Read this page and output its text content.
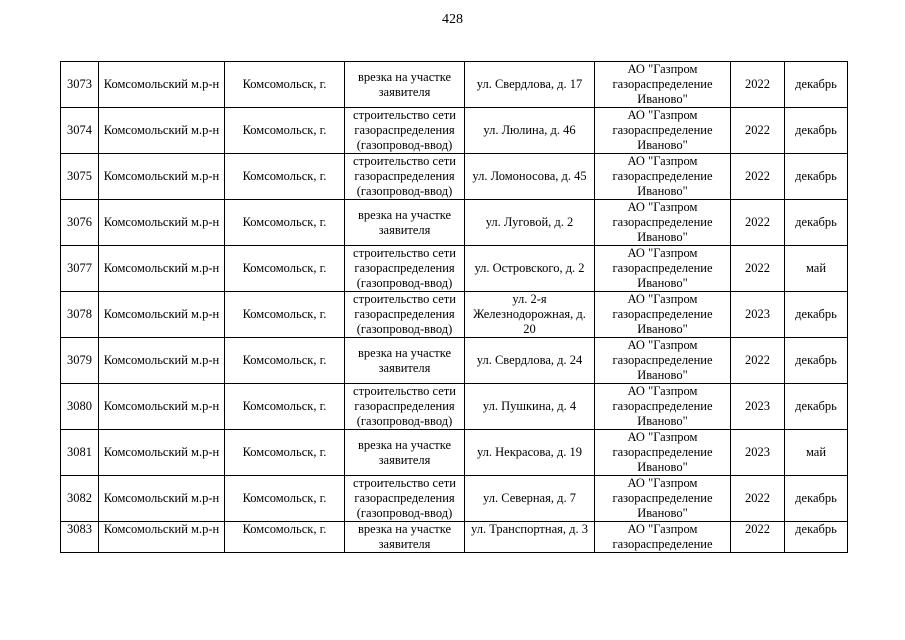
428
3073	Комсомольский м.р-н	Комсомольск, г.	врезка на участке заявителя	ул. Свердлова, д. 17	АО "Газпром газораспределение Иваново"	2022	декабрь

3074	Комсомольский м.р-н	Комсомольск, г.	строительство сети газораспределения (газопровод-ввод)	ул. Люлина, д. 46	АО "Газпром газораспределение Иваново"	2022	декабрь

3075	Комсомольский м.р-н	Комсомольск, г.	строительство сети газораспределения (газопровод-ввод)	ул. Ломоносова, д. 45	АО "Газпром газораспределение Иваново"	2022	декабрь

3076	Комсомольский м.р-н	Комсомольск, г.	врезка на участке заявителя	ул. Луговой, д. 2	АО "Газпром газораспределение Иваново"	2022	декабрь

3077	Комсомольский м.р-н	Комсомольск, г.	строительство сети газораспределения (газопровод-ввод)	ул. Островского, д. 2	АО "Газпром газораспределение Иваново"	2022	май

3078	Комсомольский м.р-н	Комсомольск, г.	строительство сети газораспределения (газопровод-ввод)	ул. 2-я Железнодорожная, д. 20	АО "Газпром газораспределение Иваново"	2023	декабрь

3079	Комсомольский м.р-н	Комсомольск, г.	врезка на участке заявителя	ул. Свердлова, д. 24	АО "Газпром газораспределение Иваново"	2022	декабрь

3080	Комсомольский м.р-н	Комсомольск, г.	строительство сети газораспределения (газопровод-ввод)	ул. Пушкина, д. 4	АО "Газпром газораспределение Иваново"	2023	декабрь

3081	Комсомольский м.р-н	Комсомольск, г.	врезка на участке заявителя	ул. Некрасова, д. 19	АО "Газпром газораспределение Иваново"	2023	май

3082	Комсомольский м.р-н	Комсомольск, г.	строительство сети газораспределения (газопровод-ввод)	ул. Северная, д. 7	АО "Газпром газораспределение Иваново"	2022	декабрь

3083	Комсомольский м.р-н	Комсомольск, г.	врезка на участке заявителя	ул. Транспортная, д. 3	АО "Газпром газораспределение	2022	декабрь
